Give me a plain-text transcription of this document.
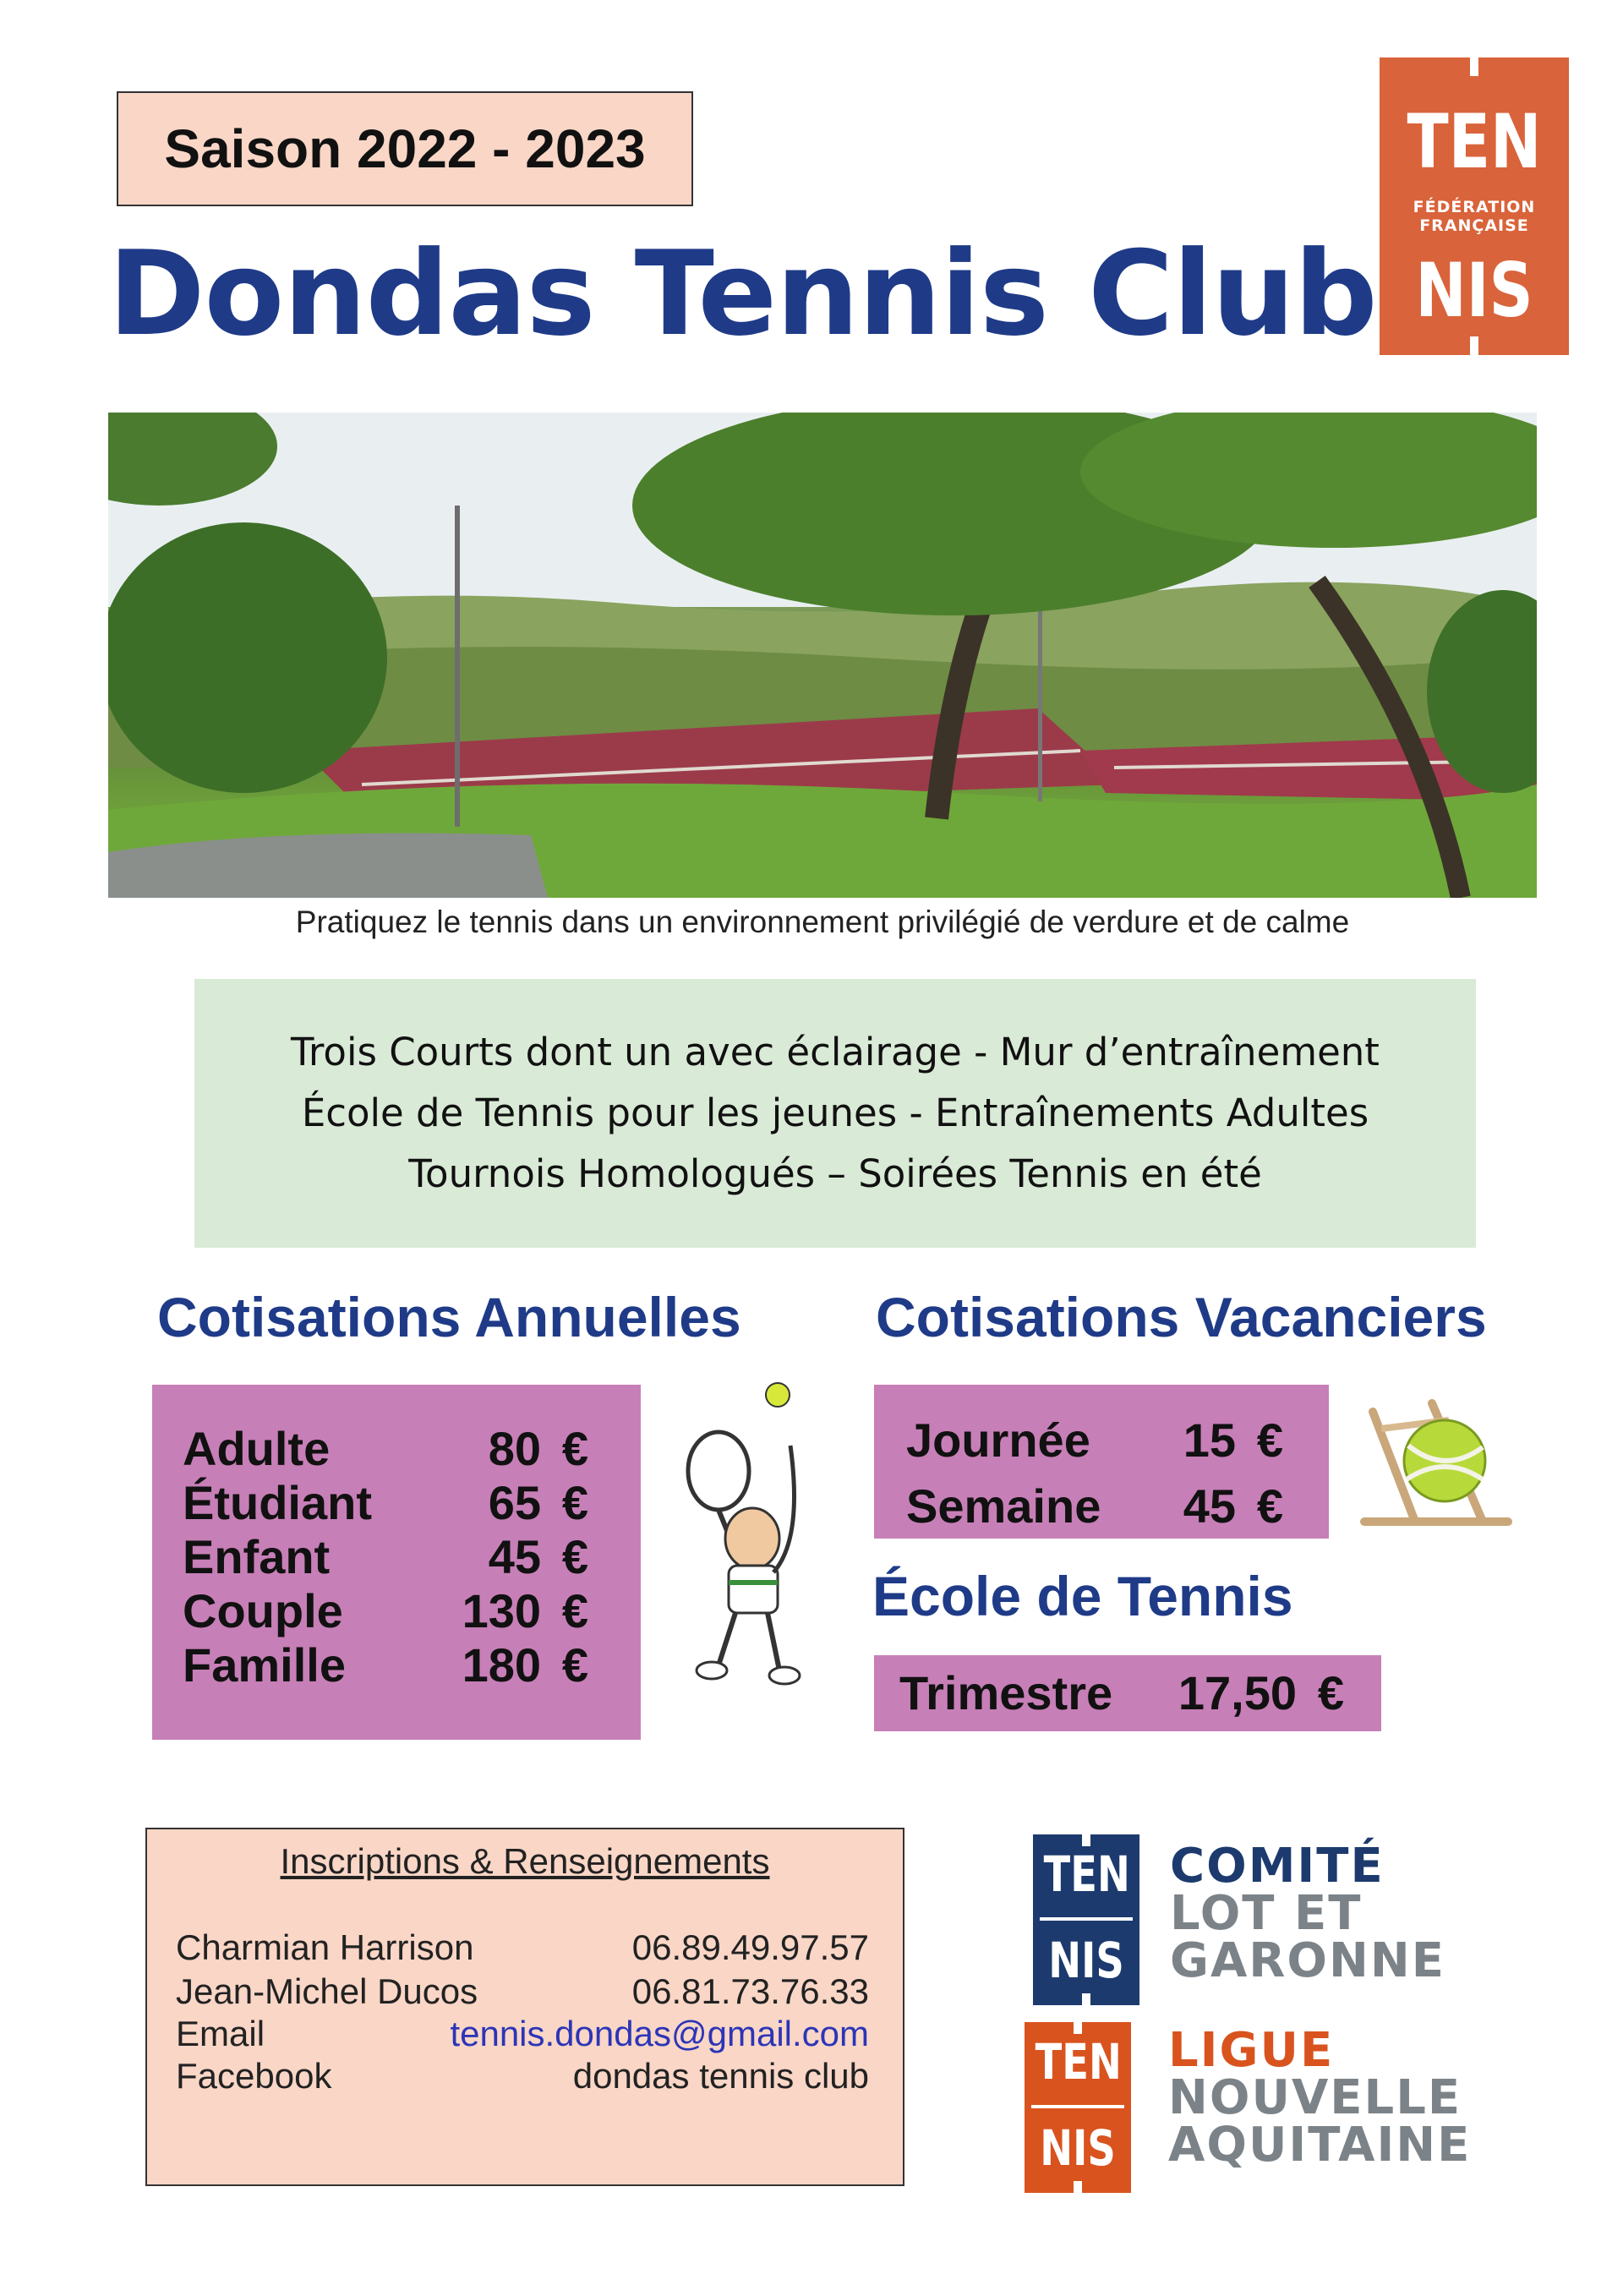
Saison 2022 - 2023
Dondas Tennis Club
TEN
FÉDÉRATION
FRANÇAISE
NIS
Pratiquez le tennis dans un environnement privilégié de verdure et de calme
Trois Courts dont un avec éclairage - Mur d’entraînement
École de Tennis pour les jeunes - Entraînements Adultes
Tournois Homologués – Soirées Tennis en été
Cotisations Annuelles Cotisations Vacanciers
École de Tennis
Adulte	80 €
Étudiant	65 €
Enfant	45 €
Couple	130 €
Famille	180 €
Journée	15 €
Semaine	45 €
Trimestre	17,50 €
Inscriptions & Renseignements
Charmian Harrison	06.89.49.97.57
Jean-Michel Ducos	06.81.73.76.33
Email	tennis.dondas@gmail.com
Facebook	dondas tennis club
TEN
NIS
COMITÉ
LOT ET
GARONNE
TEN
NIS
LIGUE
NOUVELLE
AQUITAINE
